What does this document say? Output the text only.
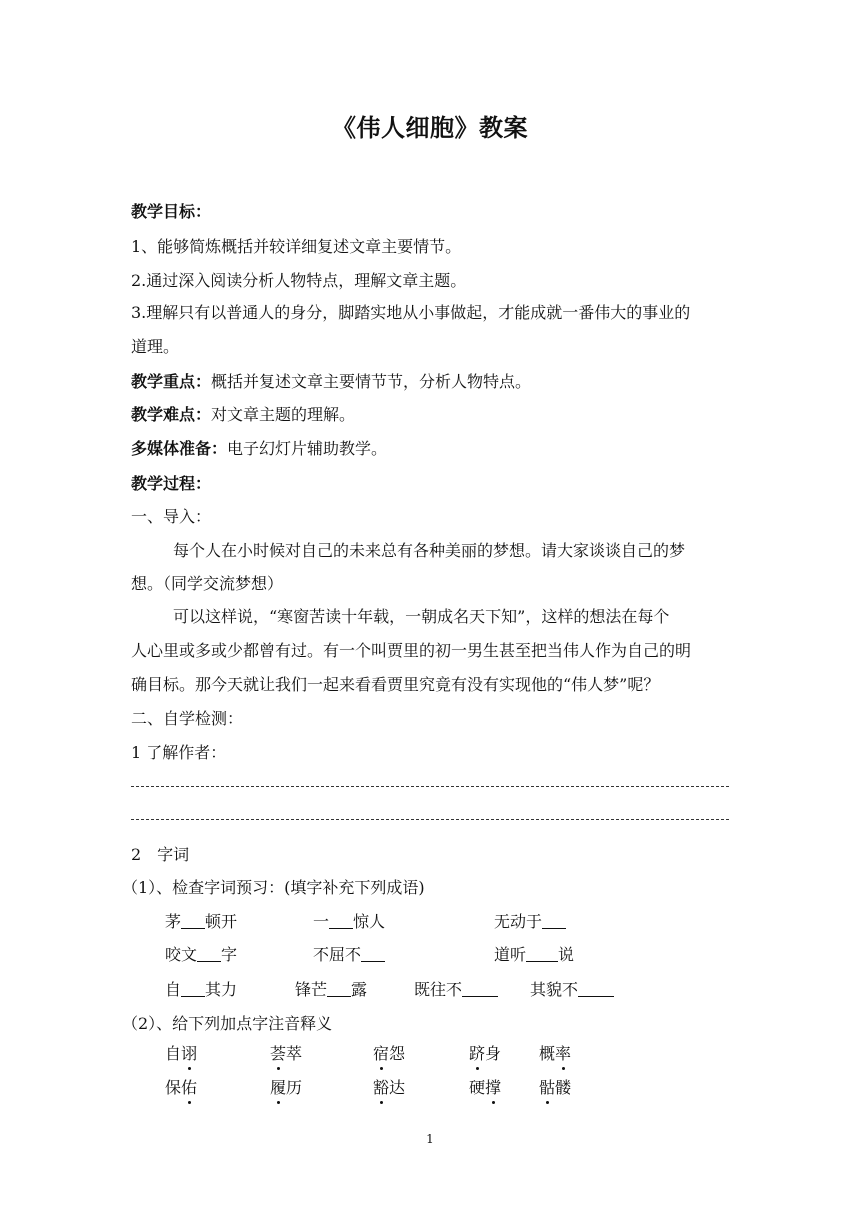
《伟人细胞》教案
教学目标：
1、能够简炼概括并较详细复述文章主要情节。
2.通过深入阅读分析人物特点，理解文章主题。
3.理解只有以普通人的身分，脚踏实地从小事做起，才能成就一番伟大的事业的
道理。
教学重点：概括并复述文章主要情节节，分析人物特点。
教学难点：对文章主题的理解。
多媒体准备：电子幻灯片辅助教学。
教学过程：
一、导入：
每个人在小时候对自己的未来总有各种美丽的梦想。请大家谈谈自己的梦
想。（同学交流梦想）
可以这样说，“寒窗苦读十年载，一朝成名天下知”，这样的想法在每个
人心里或多或少都曾有过。有一个叫贾里的初一男生甚至把当伟人作为自己的明
确目标。那今天就让我们一起来看看贾里究竟有没有实现他的“伟人梦”呢？
二、自学检测：
1 了解作者：
2　字词
（1）、检查字词预习：(填字补充下列成语)
茅 顿开	一 惊人	无动于
咬文 字	不屈不	道听 说
自 其力	锋芒 露	既往不	其貌不
（2）、给下列加点字注音释义
自诩	荟萃	宿怨	跻身 概率
保佑	履历	豁达	硬撑 骷髅
1
